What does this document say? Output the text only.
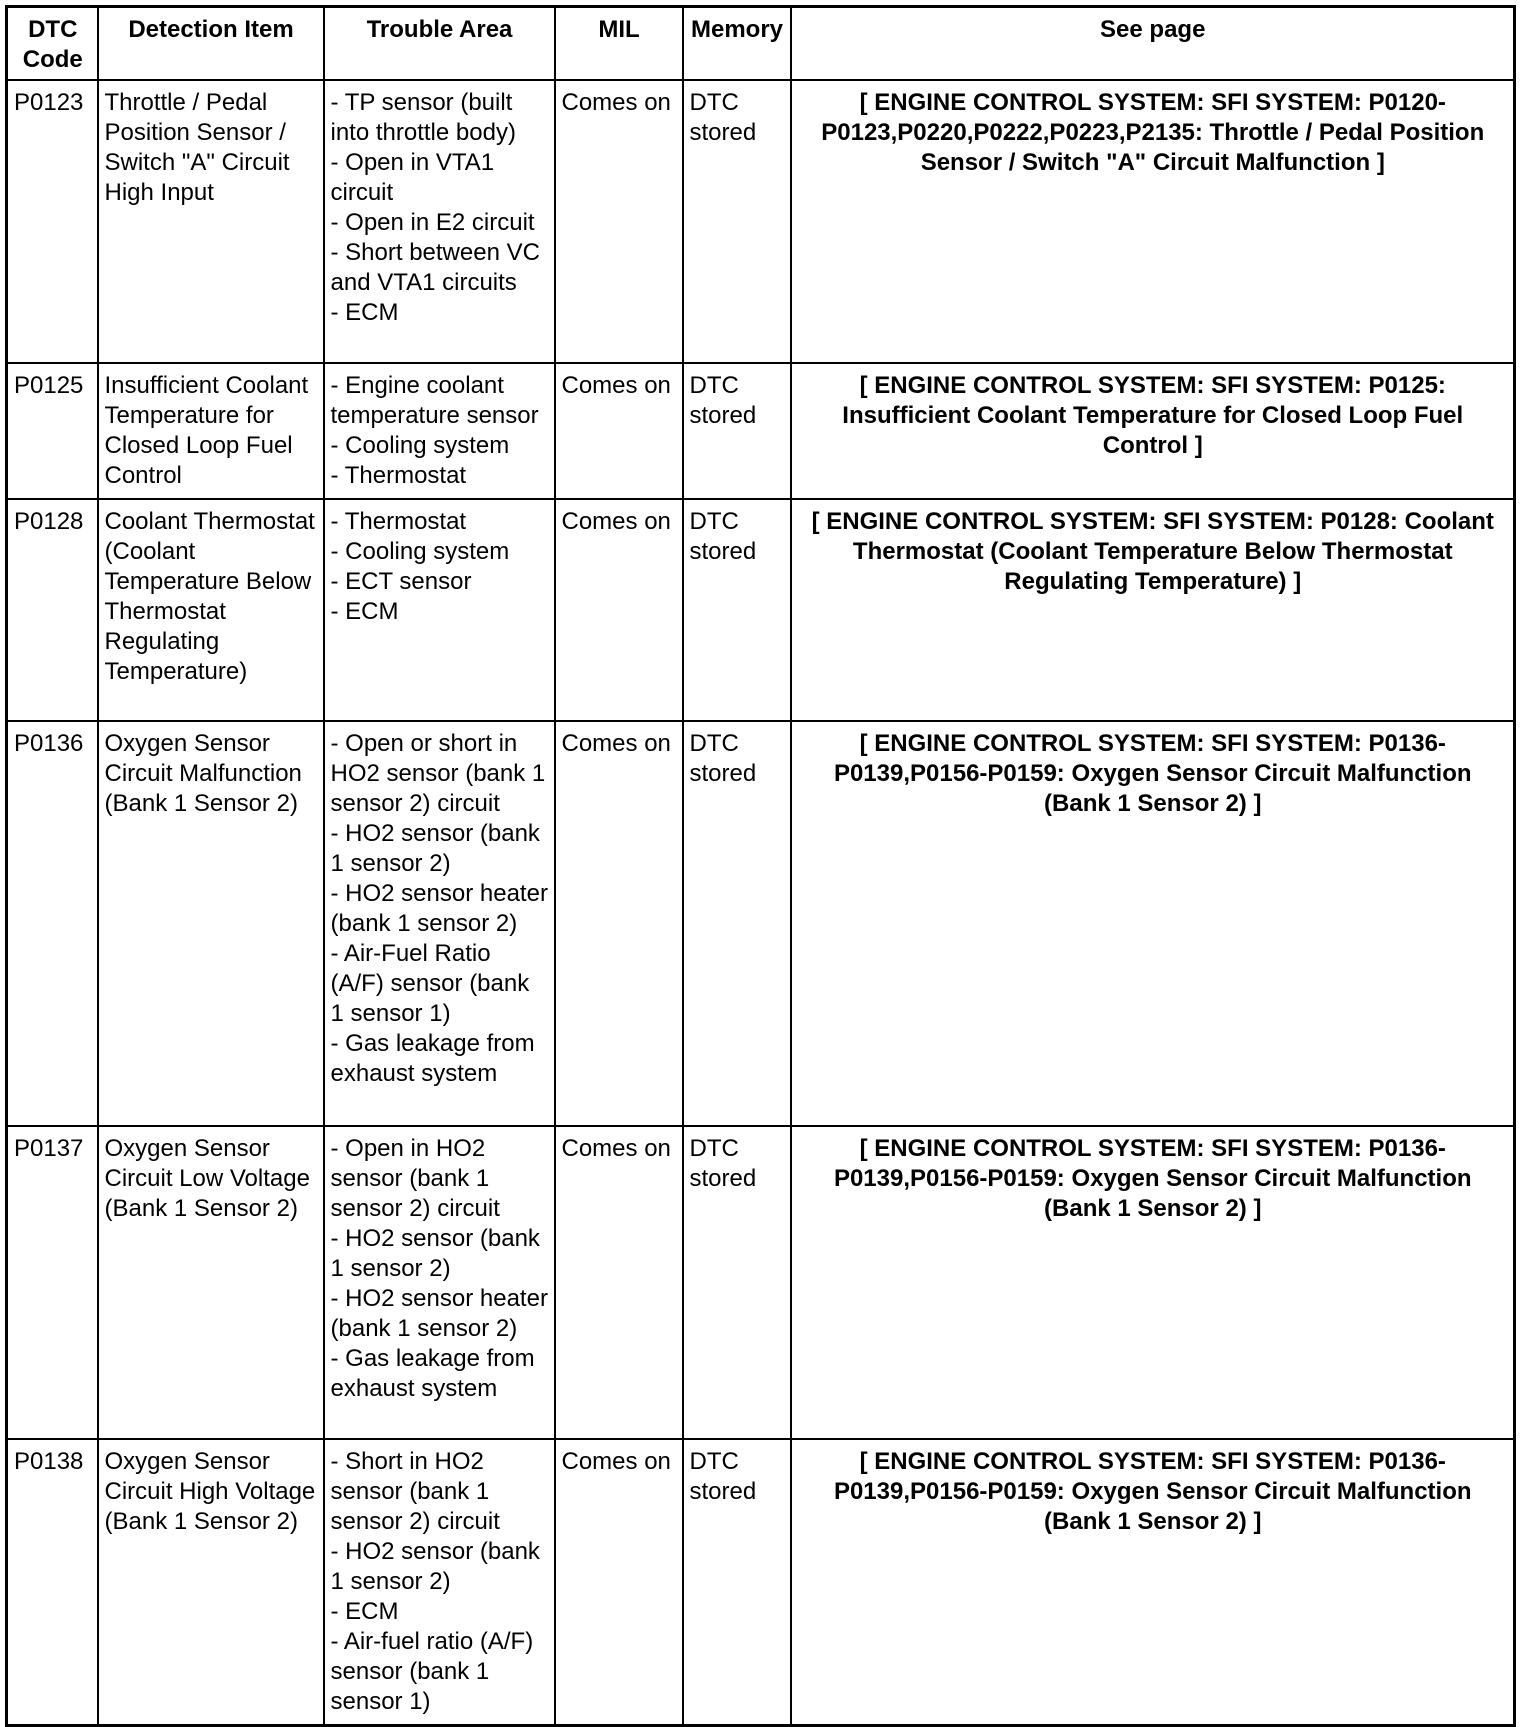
DTC Code	Detection Item	Trouble Area	MIL	Memory	See page
P0123	Throttle / Pedal Position Sensor / Switch "A" Circuit High Input	- TP sensor (built into throttle body)
- Open in VTA1 circuit
- Open in E2 circuit
- Short between VC and VTA1 circuits
- ECM	Comes on	DTC stored	[ ENGINE CONTROL SYSTEM: SFI SYSTEM: P0120-P0123,P0220,P0222,P0223,P2135: Throttle / Pedal Position Sensor / Switch "A" Circuit Malfunction ]
P0125	Insufficient Coolant Temperature for Closed Loop Fuel Control	- Engine coolant temperature sensor
- Cooling system
- Thermostat	Comes on	DTC stored	[ ENGINE CONTROL SYSTEM: SFI SYSTEM: P0125: Insufficient Coolant Temperature for Closed Loop Fuel Control ]
P0128	Coolant Thermostat (Coolant Temperature Below Thermostat Regulating Temperature)	- Thermostat
- Cooling system
- ECT sensor
- ECM	Comes on	DTC stored	[ ENGINE CONTROL SYSTEM: SFI SYSTEM: P0128: Coolant Thermostat (Coolant Temperature Below Thermostat Regulating Temperature) ]
P0136	Oxygen Sensor Circuit Malfunction (Bank 1 Sensor 2)	- Open or short in HO2 sensor (bank 1 sensor 2) circuit
- HO2 sensor (bank 1 sensor 2)
- HO2 sensor heater (bank 1 sensor 2)
- Air-Fuel Ratio (A/F) sensor (bank 1 sensor 1)
- Gas leakage from exhaust system	Comes on	DTC stored	[ ENGINE CONTROL SYSTEM: SFI SYSTEM: P0136-P0139,P0156-P0159: Oxygen Sensor Circuit Malfunction (Bank 1 Sensor 2) ]
P0137	Oxygen Sensor Circuit Low Voltage (Bank 1 Sensor 2)	- Open in HO2 sensor (bank 1 sensor 2) circuit
- HO2 sensor (bank 1 sensor 2)
- HO2 sensor heater (bank 1 sensor 2)
- Gas leakage from exhaust system	Comes on	DTC stored	[ ENGINE CONTROL SYSTEM: SFI SYSTEM: P0136-P0139,P0156-P0159: Oxygen Sensor Circuit Malfunction (Bank 1 Sensor 2) ]
P0138	Oxygen Sensor Circuit High Voltage (Bank 1 Sensor 2)	- Short in HO2 sensor (bank 1 sensor 2) circuit
- HO2 sensor (bank 1 sensor 2)
- ECM
- Air-fuel ratio (A/F) sensor (bank 1 sensor 1)	Comes on	DTC stored	[ ENGINE CONTROL SYSTEM: SFI SYSTEM: P0136-P0139,P0156-P0159: Oxygen Sensor Circuit Malfunction (Bank 1 Sensor 2) ]
